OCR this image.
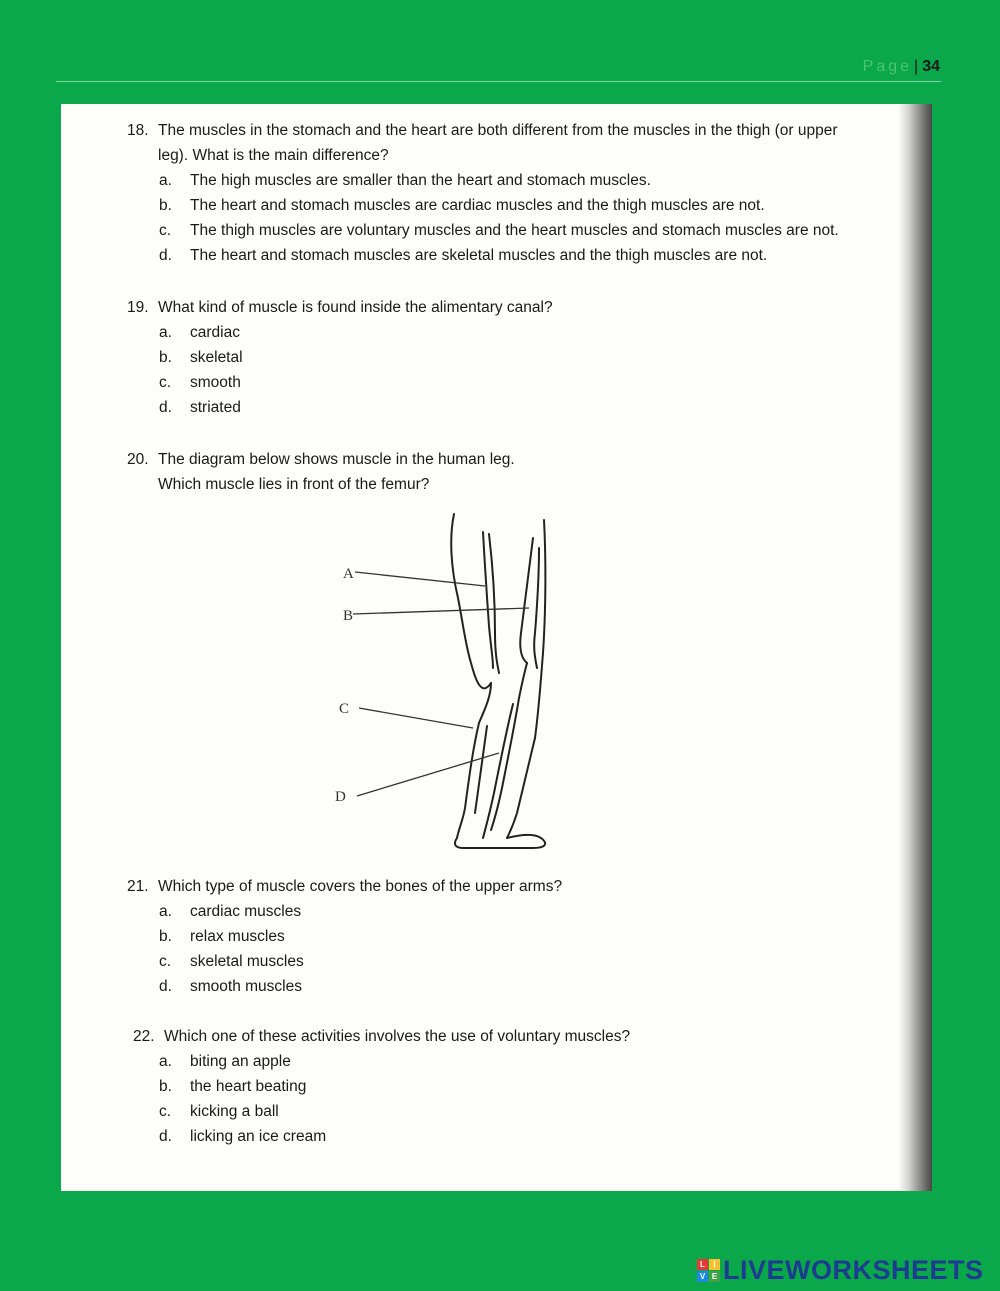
Page | 34
18. The muscles in the stomach and the heart are both different from the muscles in the thigh (or upper
leg). What is the main difference?
a. The high muscles are smaller than the heart and stomach muscles.
b. The heart and stomach muscles are cardiac muscles and the thigh muscles are not.
c. The thigh muscles are voluntary muscles and the heart muscles and stomach muscles are not.
d. The heart and stomach muscles are skeletal muscles and the thigh muscles are not.
19. What kind of muscle is found inside the alimentary canal?
a. cardiac
b. skeletal
c. smooth
d. striated
20. The diagram below shows muscle in the human leg.
Which muscle lies in front of the femur?
A
B
C
D
21. Which type of muscle covers the bones of the upper arms?
a. cardiac muscles
b. relax muscles
c. skeletal muscles
d. smooth muscles
22. Which one of these activities involves the use of voluntary muscles?
a. biting an apple
b. the heart beating
c. kicking a ball
d. licking an ice cream
L	I
V E LIVEWORKSHEETS
